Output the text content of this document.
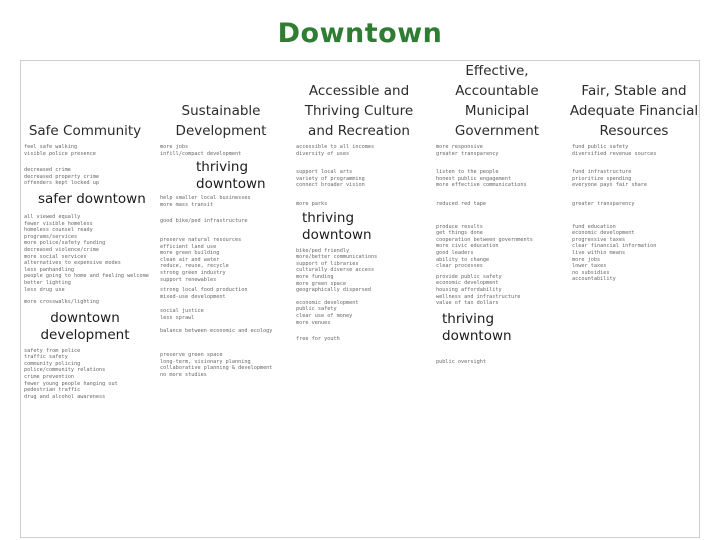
Downtown
Safe Community
feel safe walking
visible police presence
decreased crime
decreased property crime
offenders kept locked up
safer downtown
all viewed equally
fewer visible homeless
homeless counsel ready
programs/services
more police/safety funding
decreased violence/crime
more social services
alternatives to expensive modes
less panhandling
people going to home and feeling welcome
better lighting
less drug use
more crosswalks/lighting
downtown development
safety from police
traffic safety
community policing
police/community relations
crime prevention
fewer young people hanging out
pedestrian traffic
drug and alcohol awareness
Sustainable Development
more jobs
infill/compact development
thriving downtown
help smaller local businesses
more mass transit
good bike/ped infrastructure
preserve natural resources
efficient land use
more green building
clean air and water
reduce, reuse, recycle
strong green industry
support renewables
strong local food production
mixed-use development
social justice
less sprawl
balance between economic and ecology
preserve green space
long-term, visionary planning
collaborative planning & development
no more studies
Accessible and Thriving Culture and Recreation
accessible to all incomes
diversity of uses
support local arts
variety of programming
connect broader vision
more parks
thriving downtown
bike/ped friendly
more/better communications
support of libraries
culturally diverse access
more funding
more green space
geographically dispersed
economic development
public safety
clear use of money
more venues
free for youth
Effective, Accountable Municipal Government
more responsive
greater transparency
listen to the people
honest public engagement
more effective communications
reduced red tape
produce results
get things done
cooperation between governments
more civic education
good leaders
ability to change
clear processes
provide public safety
economic development
housing affordability
wellness and infrastructure
value of tax dollars
thriving downtown
public oversight
Fair, Stable and Adequate Financial Resources
fund public safety
diversified revenue sources
fund infrastructure
prioritize spending
everyone pays fair share
greater transparency
fund education
economic development
progressive taxes
clear financial information
live within means
more jobs
lower taxes
no subsidies
accountability
